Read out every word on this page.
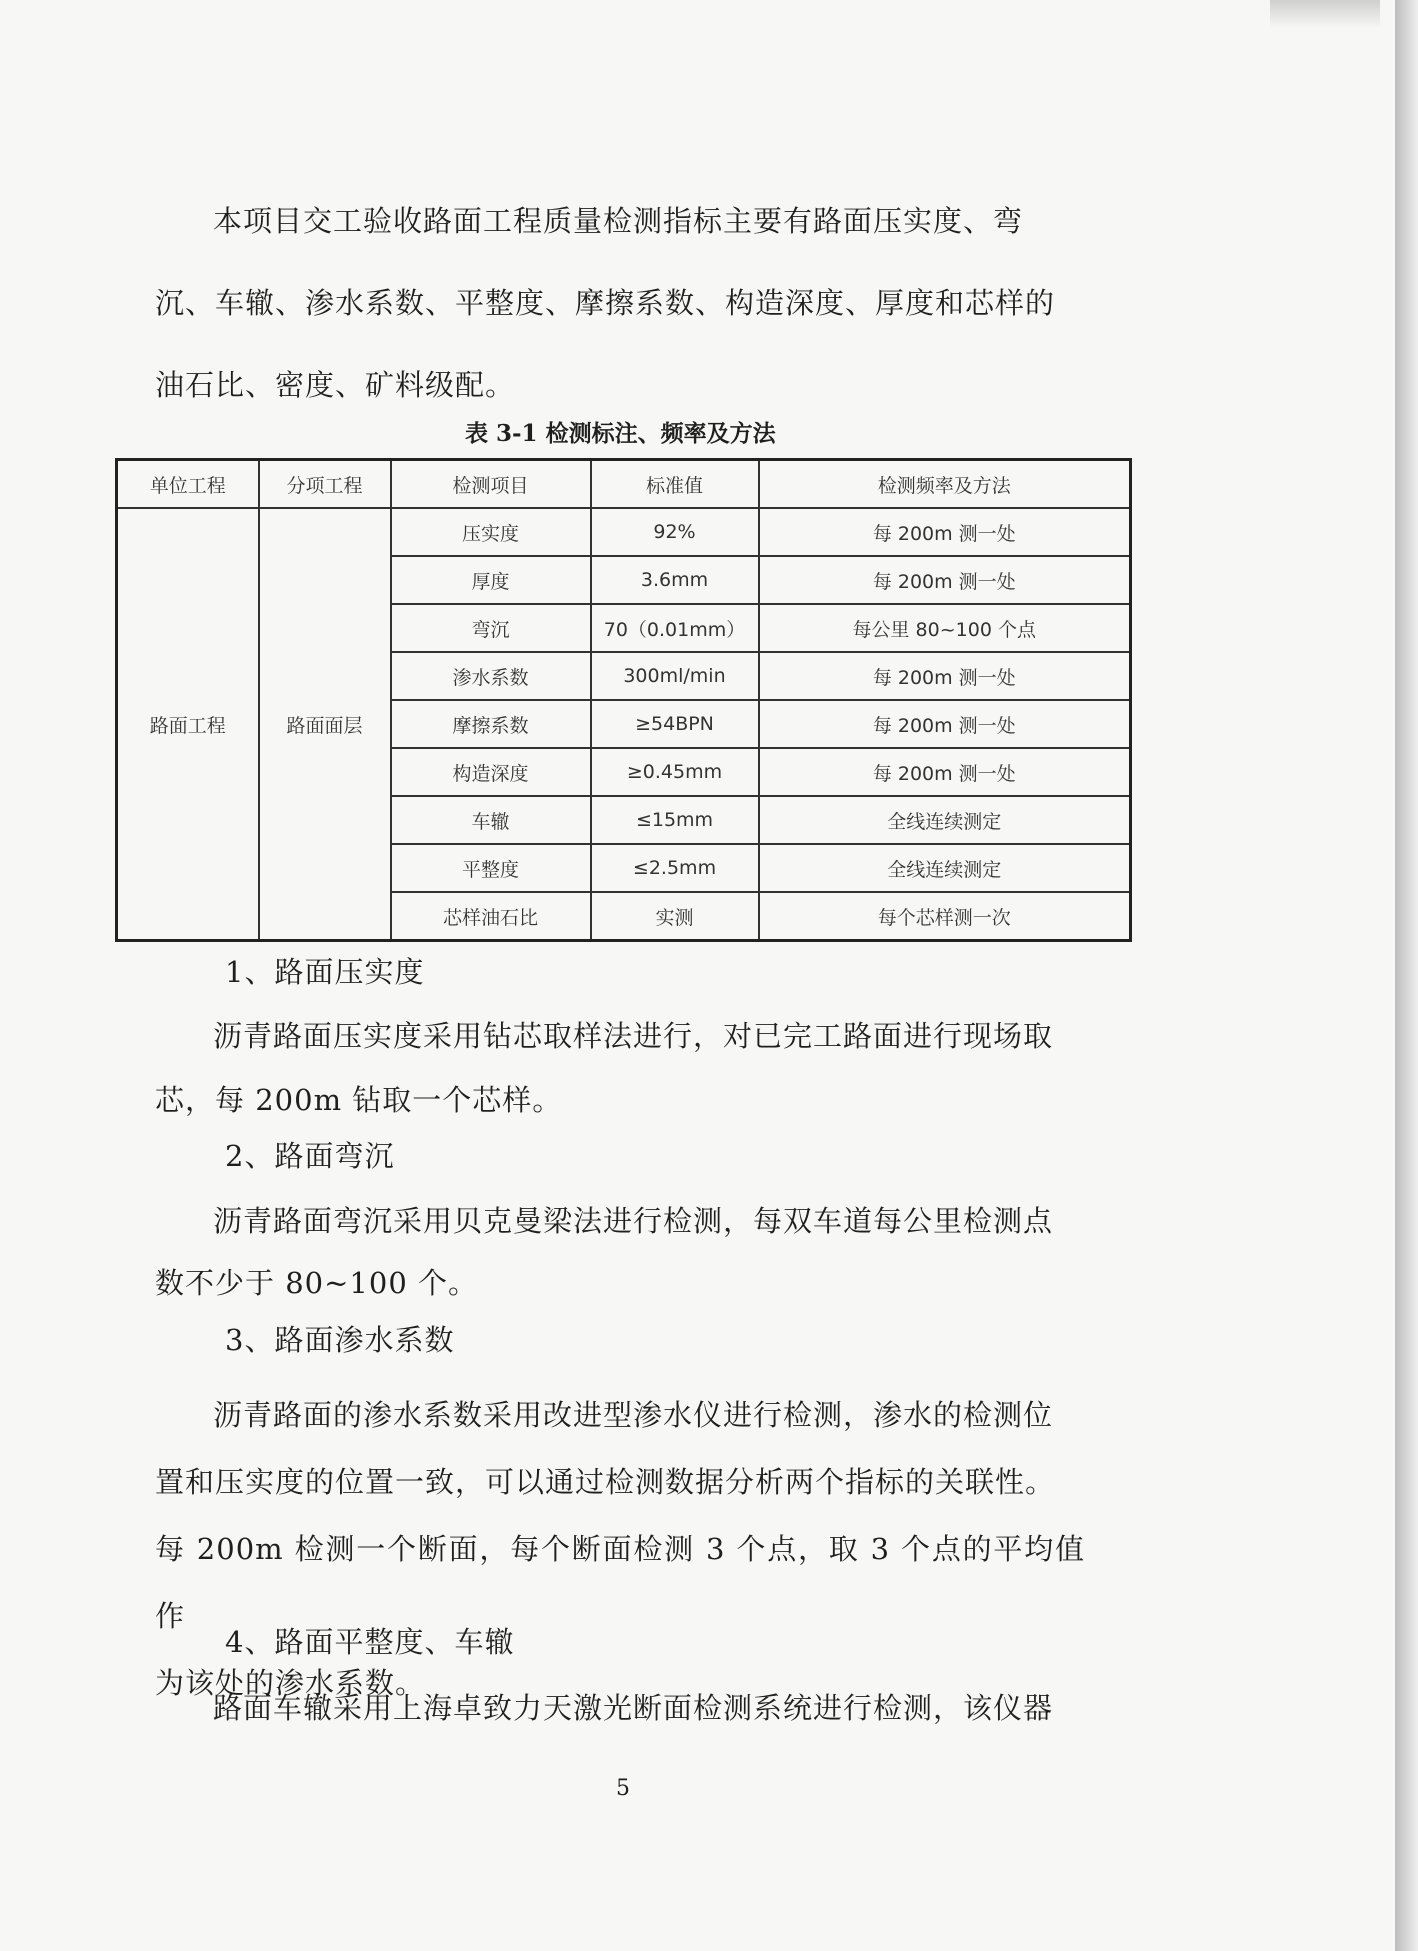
本项目交工验收路面工程质量检测指标主要有路面压实度、弯
沉、车辙、渗水系数、平整度、摩擦系数、构造深度、厚度和芯样的
油石比、密度、矿料级配。

表 3-1 检测标注、频率及方法

单位工程	分项工程	检测项目	标准值	检测频率及方法
路面工程	路面面层	压实度	92%	每 200m 测一处
		厚度	3.6mm	每 200m 测一处
		弯沉	70（0.01mm）	每公里 80~100 个点
		渗水系数	300ml/min	每 200m 测一处
		摩擦系数	≥54BPN	每 200m 测一处
		构造深度	≥0.45mm	每 200m 测一处
		车辙	≤15mm	全线连续测定
		平整度	≤2.5mm	全线连续测定
		芯样油石比	实测	每个芯样测一次

1、路面压实度

沥青路面压实度采用钻芯取样法进行，对已完工路面进行现场取
芯，每 200m 钻取一个芯样。

2、路面弯沉

沥青路面弯沉采用贝克曼梁法进行检测，每双车道每公里检测点
数不少于 80~100 个。

3、路面渗水系数

沥青路面的渗水系数采用改进型渗水仪进行检测，渗水的检测位
置和压实度的位置一致，可以通过检测数据分析两个指标的关联性。
每 200m 检测一个断面，每个断面检测 3 个点，取 3 个点的平均值作
为该处的渗水系数。

4、路面平整度、车辙

路面车辙采用上海卓致力天激光断面检测系统进行检测，该仪器

5
